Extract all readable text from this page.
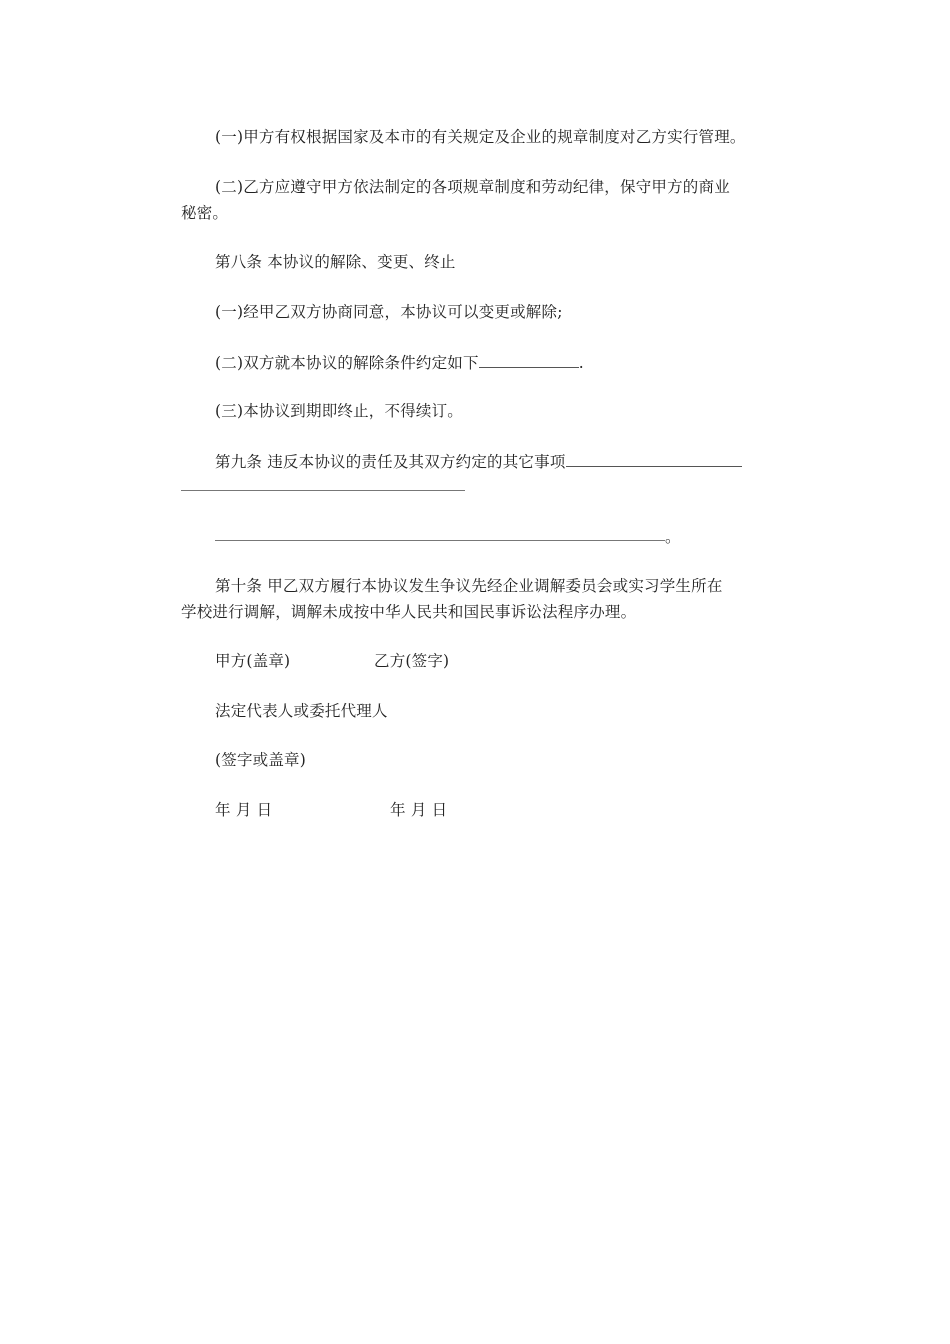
(一)甲方有权根据国家及本市的有关规定及企业的规章制度对乙方实行管理。
(二)乙方应遵守甲方依法制定的各项规章制度和劳动纪律，保守甲方的商业
秘密。
第八条 本协议的解除、变更、终止
(一)经甲乙双方协商同意，本协议可以变更或解除;
(二)双方就本协议的解除条件约定如下	.
(三)本协议到期即终止，不得续订。
第九条 违反本协议的责任及其双方约定的其它事项
。
第十条 甲乙双方履行本协议发生争议先经企业调解委员会或实习学生所在
学校进行调解，调解未成按中华人民共和国民事诉讼法程序办理。
甲方(盖章)	乙方(签字)
法定代表人或委托代理人
(签字或盖章)
年 月 日	年 月 日
